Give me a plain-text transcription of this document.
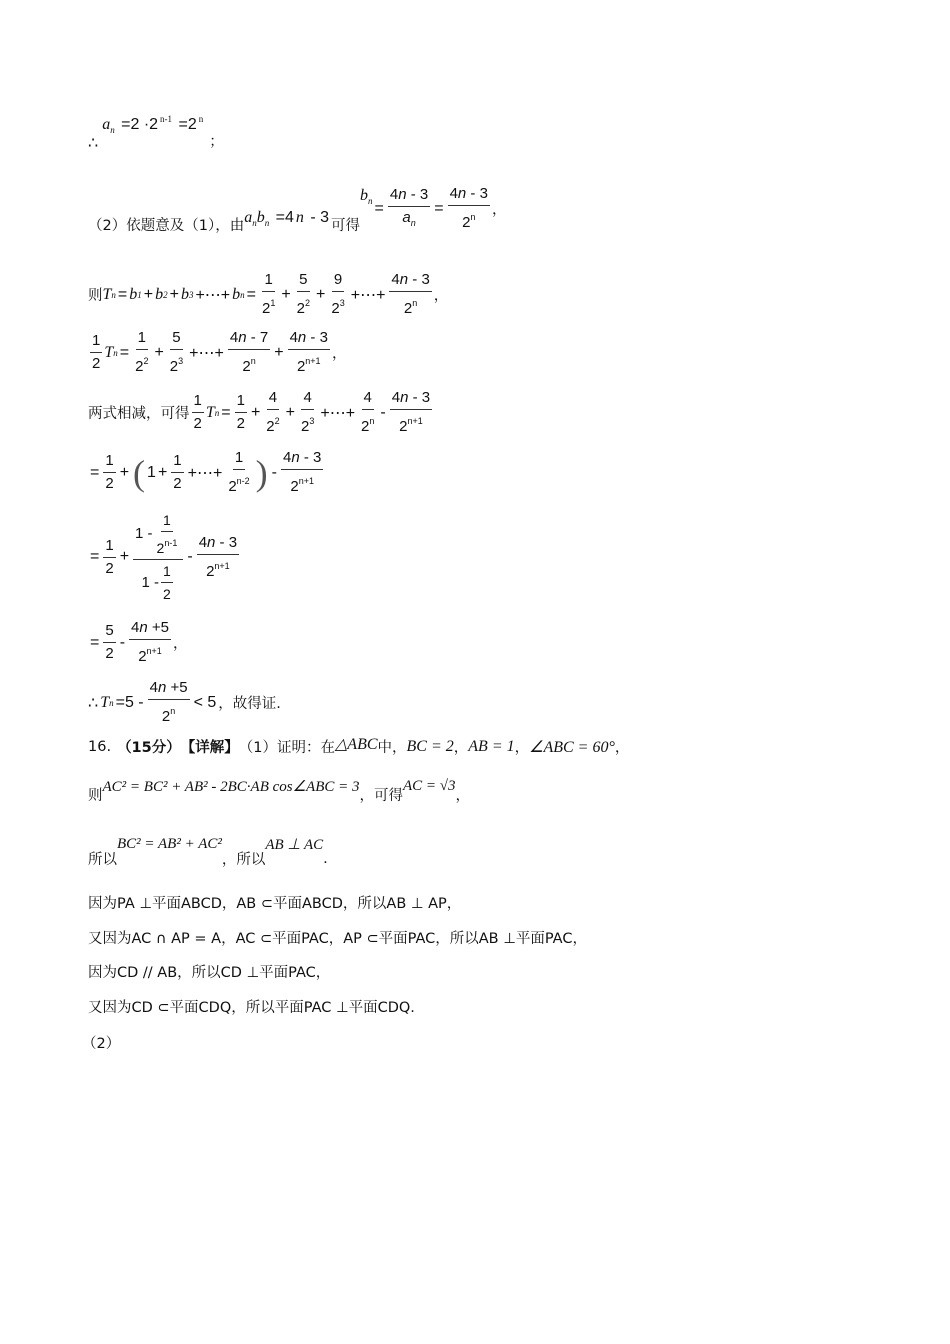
∴
$a_n =2 \cdot 2$ $^{n-1}$ =2 $^n$
；
（2）依题意及（1），由 $a_nb_n =4$ n - 3 可得
$b_n = \frac{4n - 3}{a_n} = \frac{4n - 3}{2^n}$ ，
则 T n = b 1 + b 2 + b 3 +⋯+ b $n = \frac{1}{2^1} + \frac{5}{2^2} + \frac{9}{2^3}$ +⋯+ $\frac{4n - 3}{2^n}$ ，
$\frac{1}{2}$ T $n = \frac{1}{2^2} + \frac{5}{2^3}$ +⋯+ $\frac{4n - 7}{2^n} + \frac{4n - 3}{2^{n+1}}$ ，
两式相减，可得 $\frac{1}{2}$ T $n = \frac{1}{2} + \frac{4}{2^2} + \frac{4}{2^3}$ +⋯+ $\frac{4}{2^n} - \frac{4n - 3}{2^{n+1}}$
= $\frac{1}{2}$ + ( $1 + \frac{1}{2}$ +⋯+ $\frac{1}{2^{n-2}}$ ) - $\frac{4n - 3}{2^{n+1}}$
= $\frac{1}{2} + \frac{1 - \frac{1}{2^{n-1}}}{1 - \frac{1}{2}} - \frac{4n - 3}{2^{n+1}}$
= $\frac{5}{2} - \frac{4n +5}{2^{n+1}}$ ，
∴ T $n =5 - \frac{4n +5}{2^n} < 5$ ，故得证.
16. （15分） 【详解】 （1）证明：在 △ABC 中， BC = 2 ， AB = 1 ， ∠ABC = 60° ，
则
AC² = BC² + AB² - 2BC·AB cos∠ABC = 3
，可得
AC = √3
，
所以
BC² = AB² + AC²
，所以
AB ⊥ AC
.
因为PA ⊥平面ABCD，AB ⊂平面ABCD，所以AB ⊥ AP，
又因为AC ∩ AP = A，AC ⊂平面PAC，AP ⊂平面PAC，所以AB ⊥平面PAC，
因为CD // AB，所以CD ⊥平面PAC，
又因为CD ⊂平面CDQ，所以平面PAC ⊥平面CDQ.
（2）
